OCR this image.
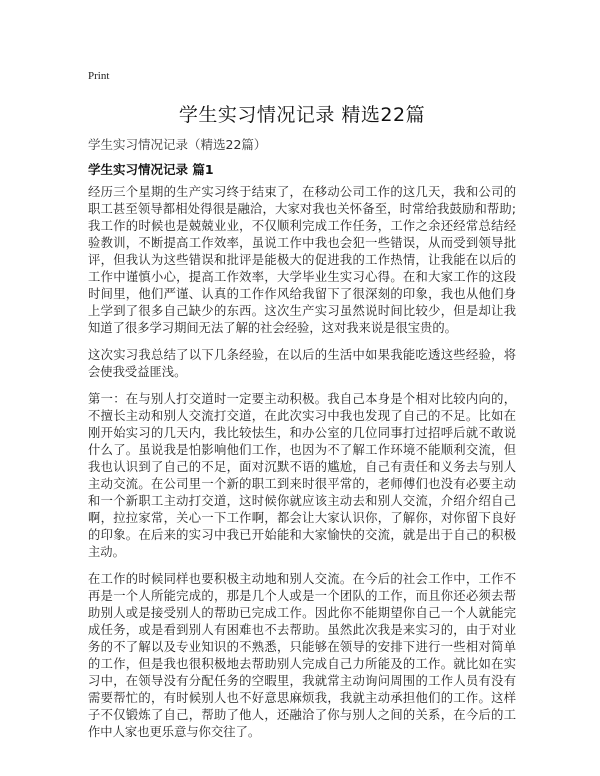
Print
学生实习情况记录 精选22篇
学生实习情况记录（精选22篇）
学生实习情况记录 篇1

经历三个星期的生产实习终于结束了，在移动公司工作的这几天，我和公司的职工甚至领导都相处得很是融洽，大家对我也关怀备至，时常给我鼓励和帮助;我工作的时候也是兢兢业业，不仅顺利完成工作任务，工作之余还经常总结经验教训，不断提高工作效率，虽说工作中我也会犯一些错误，从而受到领导批评，但我认为这些错误和批评是能极大的促进我的工作热情，让我能在以后的工作中谨慎小心，提高工作效率，大学毕业生实习心得。在和大家工作的这段时间里，他们严谨、认真的工作作风给我留下了很深刻的印象，我也从他们身上学到了很多自己缺少的东西。这次生产实习虽然说时间比较少，但是却让我知道了很多学习期间无法了解的社会经验，这对我来说是很宝贵的。

这次实习我总结了以下几条经验，在以后的生活中如果我能吃透这些经验，将会使我受益匪浅。

第一：在与别人打交道时一定要主动积极。我自己本身是个相对比较内向的，不擅长主动和别人交流打交道，在此次实习中我也发现了自己的不足。比如在刚开始实习的几天内，我比较怯生，和办公室的几位同事打过招呼后就不敢说什么了。虽说我是怕影响他们工作，也因为不了解工作环境不能顺利交流，但我也认识到了自己的不足，面对沉默不语的尴尬，自己有责任和义务去与别人主动交流。在公司里一个新的职工到来时很平常的，老师傅们也没有必要主动和一个新职工主动打交道，这时候你就应该主动去和别人交流，介绍介绍自己啊，拉拉家常，关心一下工作啊，都会让大家认识你，了解你，对你留下良好的印象。在后来的实习中我已开始能和大家愉快的交流，就是出于自己的积极主动。

在工作的时候同样也要积极主动地和别人交流。在今后的社会工作中，工作不再是一个人所能完成的，那是几个人或是一个团队的工作，而且你还必须去帮助别人或是接受别人的帮助已完成工作。因此你不能期望你自己一个人就能完成任务，或是看到别人有困难也不去帮助。虽然此次我是来实习的，由于对业务的不了解以及专业知识的不熟悉，只能够在领导的安排下进行一些相对简单的工作，但是我也很积极地去帮助别人完成自己力所能及的工作。就比如在实习中，在领导没有分配任务的空暇里，我就常主动询问周围的工作人员有没有需要帮忙的，有时候别人也不好意思麻烦我，我就主动承担他们的工作。这样子不仅锻炼了自己，帮助了他人，还融洽了你与别人之间的关系，在今后的工作中人家也更乐意与你交往了。
